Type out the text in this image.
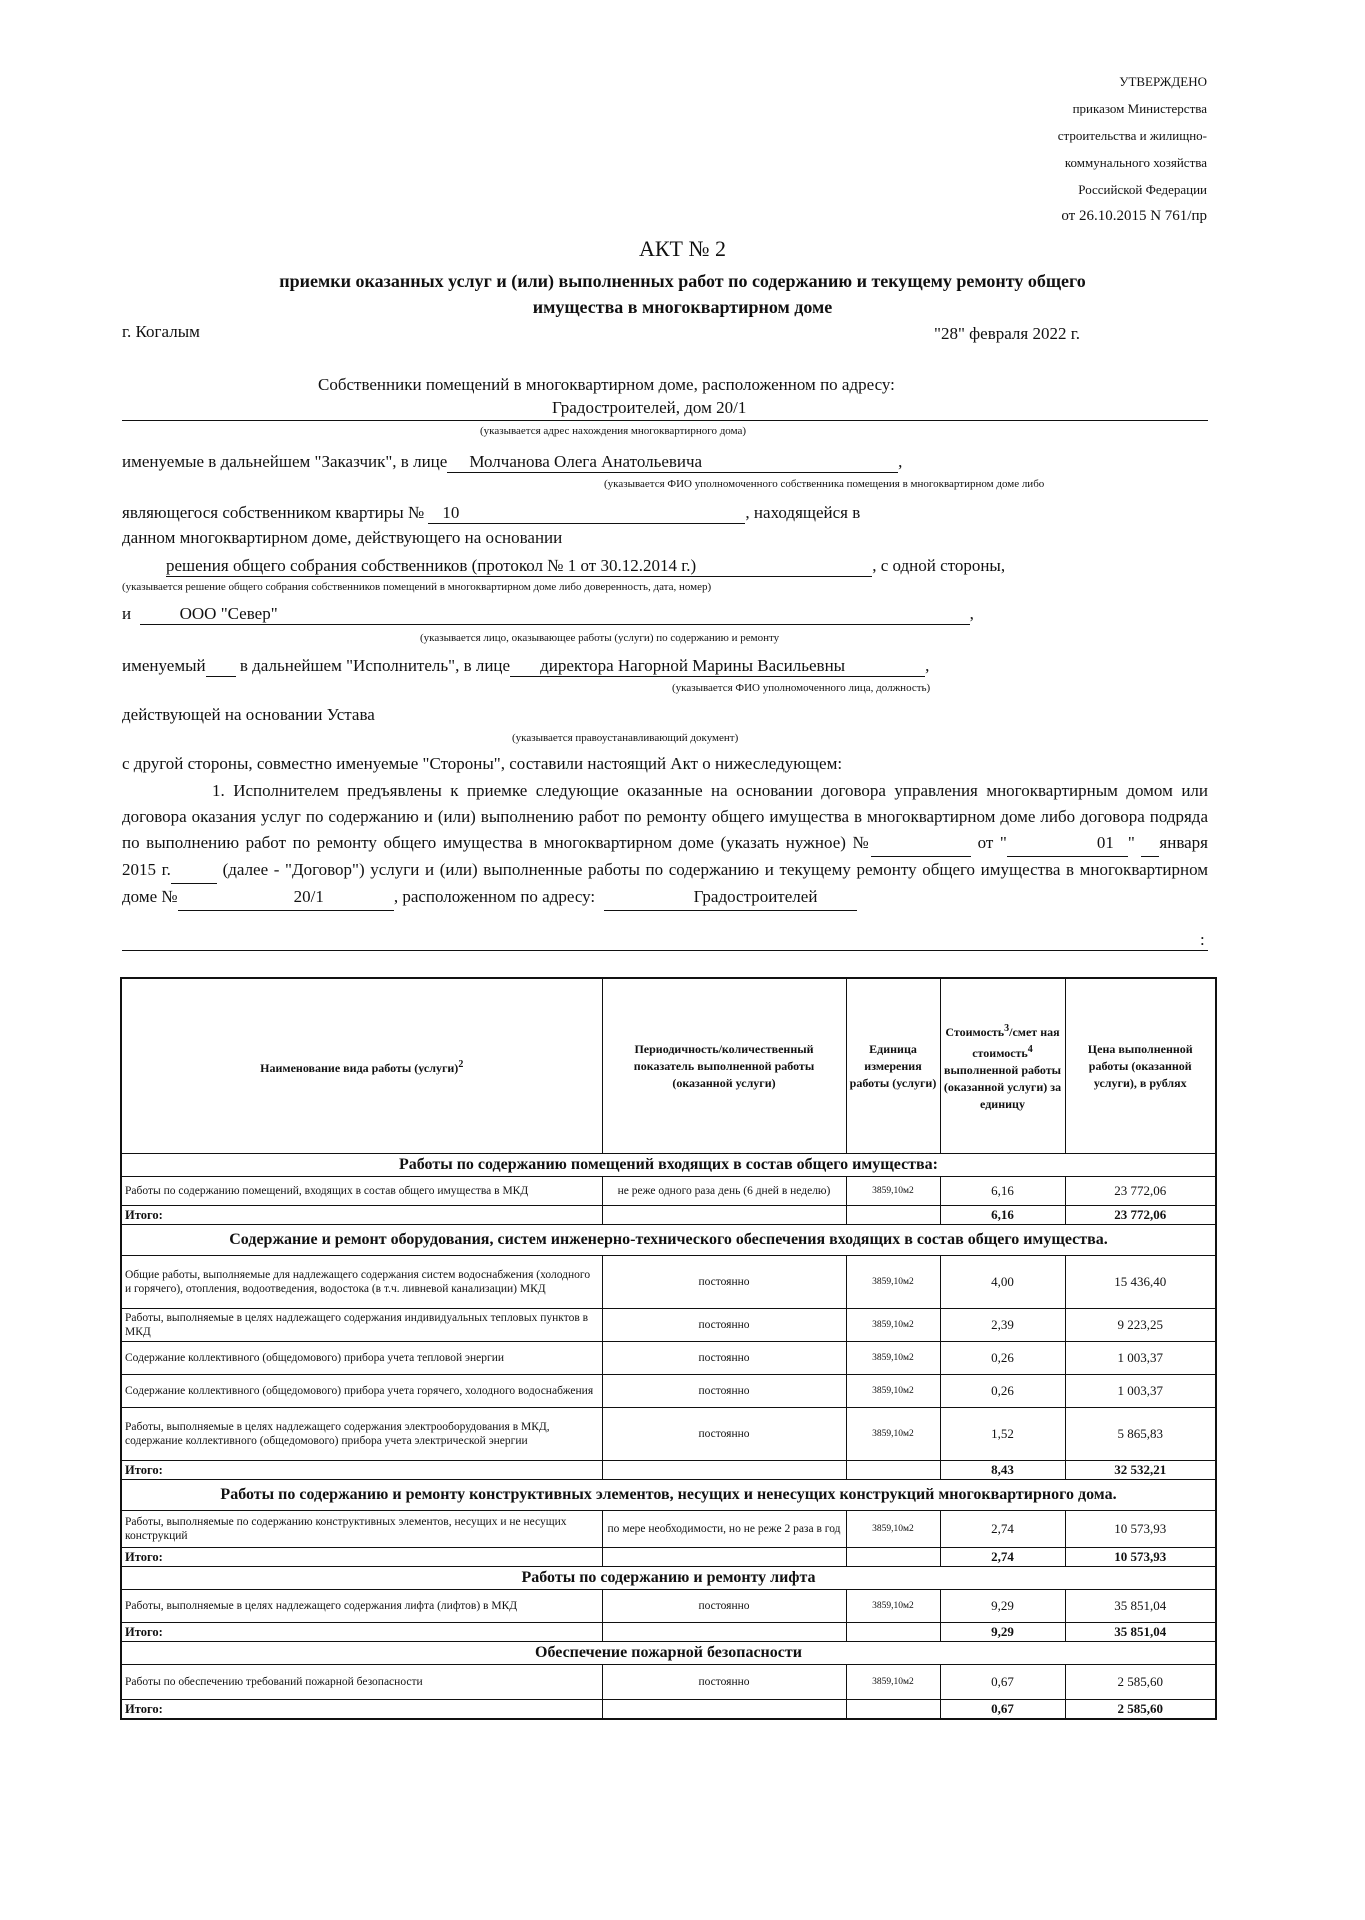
УТВЕРЖДЕНО
приказом Министерства
строительства и жилищно-
коммунального хозяйства
Российской Федерации
от 26.10.2015 N 761/пр
АКТ № 2
приемки оказанных услуг и (или) выполненных работ по содержанию и текущему ремонту общего
имущества в многоквартирном доме
г. Когалым	"28" февраля 2022 г.
Собственники помещений в многоквартирном доме, расположенном по адресу:
Градостроителей, дом 20/1
(указывается адрес нахождения многоквартирного дома)
именуемые в дальнейшем "Заказчик", в лице Молчанова Олега Анатольевича	,
(указывается ФИО уполномоченного собственника помещения в многоквартирном доме либо
являющегося собственником квартиры № 10	, находящейся в
данном многоквартирном доме, действующего на основании
решения общего собрания собственников (протокол № 1 от 30.12.2014 г.)	, с одной стороны,
(указывается решение общего собрания собственников помещений в многоквартирном доме либо доверенность, дата, номер)
и	ООО "Север"	,
(указывается лицо, оказывающее работы (услуги) по содержанию и ремонту
именуемый в дальнейшем "Исполнитель", в лице директора Нагорной Марины Васильевны	,
(указывается ФИО уполномоченного лица, должность)
действующей на основании Устава
(указывается правоустанавливающий документ)
с другой стороны, совместно именуемые "Стороны", составили настоящий Акт о нижеследующем:

1. Исполнителем предъявлены к приемке следующие оказанные на основании договора управления многоквартирным домом или договора оказания услуг по содержанию и (или) выполнению работ по ремонту общего имущества в многоквартирном доме либо договора подряда по выполнению работ по ремонту общего имущества в многоквартирном доме (указать нужное) №	от "	01 "  января 2015 г.	(далее - "Договор") услуги и (или) выполненные работы по содержанию и текущему ремонту общего имущества в многоквартирном доме №	20/1	, расположенном по адресу:	Градостроителей

:
Наименование вида работы (услуги)$^2$	Периодичность/количественный показатель выполненной работы (оказанной услуги)	Единица измерения работы (услуги)	Стоимость$^3$/смет ная стоимость$^4$ выполненной работы (оказанной услуги) за единицу	Цена выполненной работы (оказанной услуги), в рублях
Работы по содержанию помещений входящих в состав общего имущества:				
Работы по содержанию помещений, входящих в состав общего имущества в МКД	не реже одного раза день (6 дней в неделю)	3859,10м2	6,16	23 772,06
Итого:			6,16	23 772,06
Содержание и ремонт оборудования, систем инженерно-технического обеспечения входящих в состав общего имущества.				
Общие работы, выполняемые для надлежащего содержания систем водоснабжения (холодного и горячего), отопления, водоотведения, водостока (в т.ч. ливневой канализации) МКД	постоянно	3859,10м2	4,00	15 436,40
Работы, выполняемые в целях надлежащего содержания индивидуальных тепловых пунктов в МКД	постоянно	3859,10м2	2,39	9 223,25
Содержание коллективного (общедомового) прибора учета тепловой энергии	постоянно	3859,10м2	0,26	1 003,37
Содержание коллективного (общедомового) прибора учета горячего, холодного водоснабжения	постоянно	3859,10м2	0,26	1 003,37
Работы, выполняемые в целях надлежащего содержания электрооборудования в МКД, содержание коллективного (общедомового) прибора учета электрической энергии	постоянно	3859,10м2	1,52	5 865,83
Итого:			8,43	32 532,21
Работы по содержанию и ремонту конструктивных элементов, несущих и ненесущих конструкций многоквартирного дома.				
Работы, выполняемые по содержанию конструктивных элементов, несущих и не несущих конструкций	по мере необходимости, но не реже 2 раза в год	3859,10м2	2,74	10 573,93
Итого:			2,74	10 573,93
Работы по содержанию и ремонту лифта				
Работы, выполняемые в целях надлежащего содержания лифта (лифтов) в МКД	постоянно	3859,10м2	9,29	35 851,04
Итого:			9,29	35 851,04
Обеспечение пожарной безопасности				
Работы по обеспечению требований пожарной безопасности	постоянно	3859,10м2	0,67	2 585,60
Итого:			0,67	2 585,60
